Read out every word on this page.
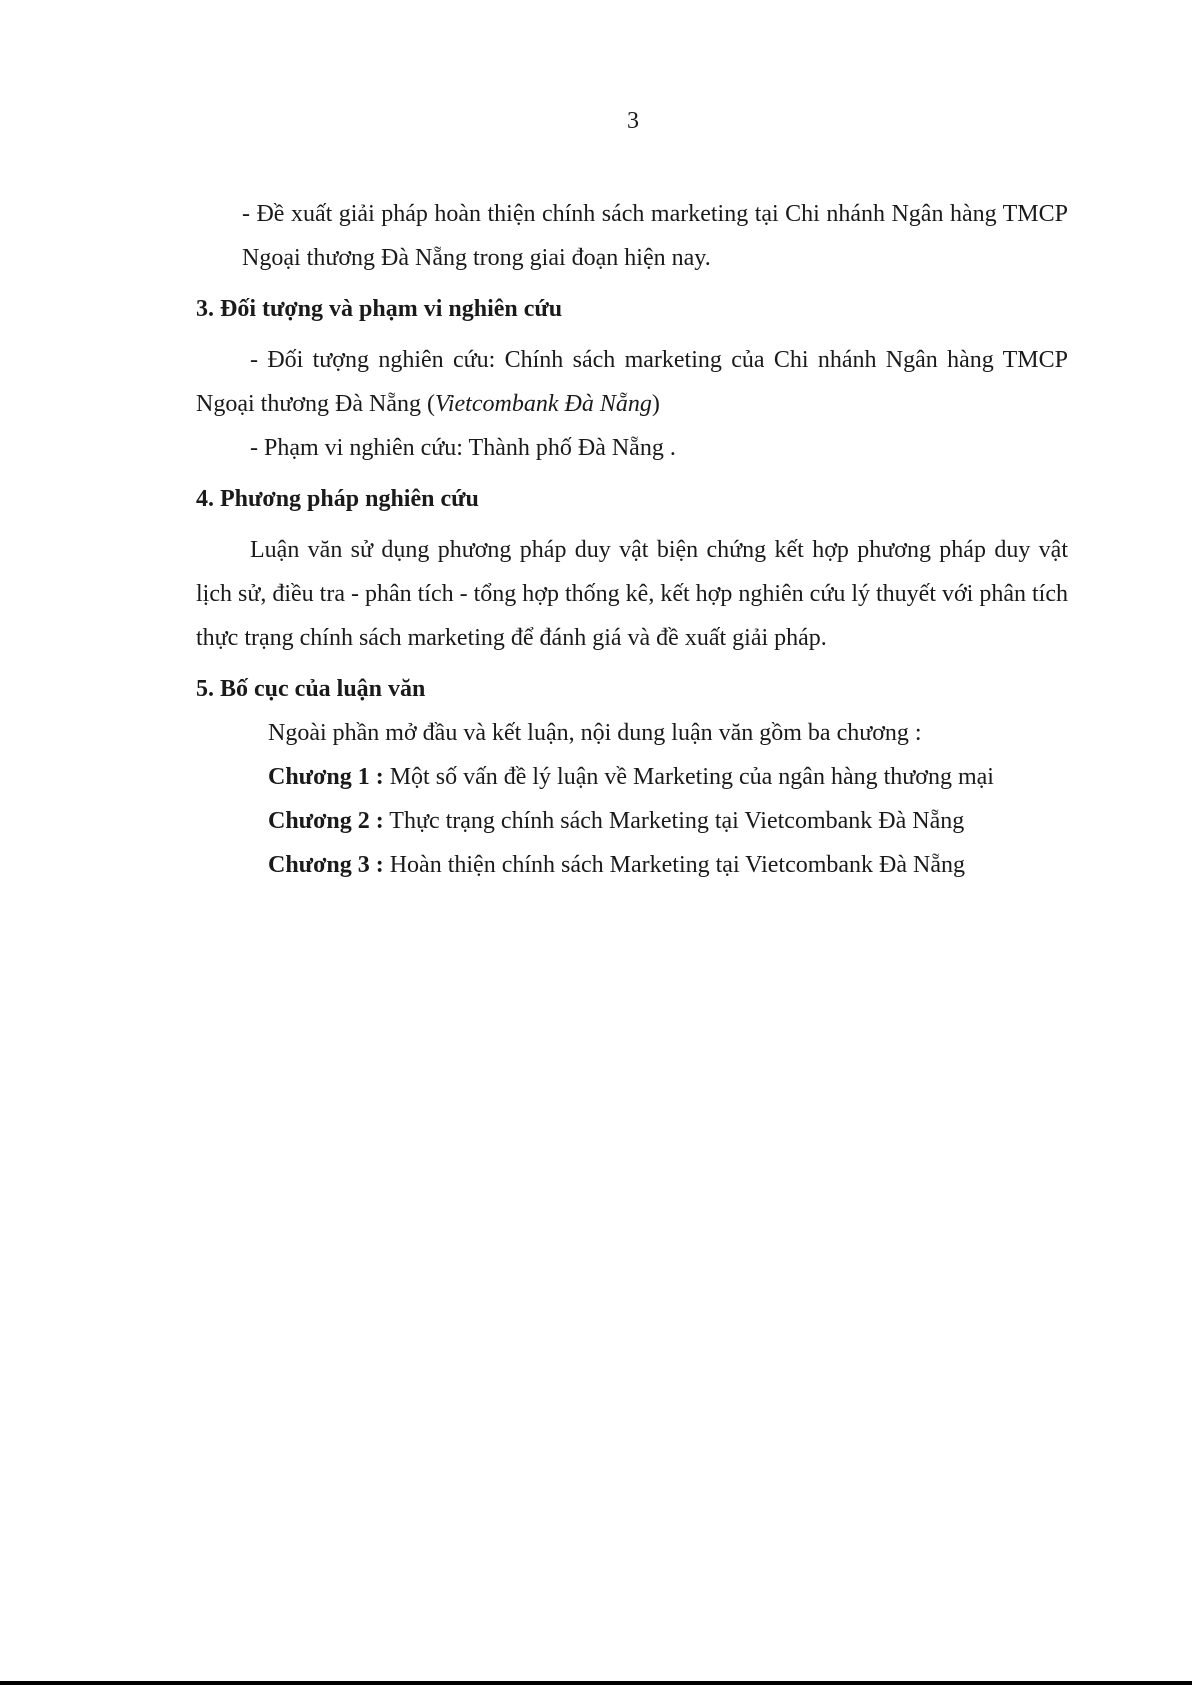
3

- Đề xuất giải pháp hoàn thiện chính sách marketing tại Chi nhánh Ngân hàng TMCP Ngoại thương Đà Nẵng trong giai đoạn hiện nay.

3. Đối tượng và phạm vi nghiên cứu

- Đối tượng nghiên cứu: Chính sách marketing của Chi nhánh Ngân hàng TMCP Ngoại thương Đà Nẵng (Vietcombank Đà Nẵng)

- Phạm vi nghiên cứu: Thành phố Đà Nẵng .

4. Phương pháp nghiên cứu

Luận văn sử dụng phương pháp duy vật biện chứng kết hợp phương pháp duy vật lịch sử, điều tra - phân tích - tổng hợp thống kê, kết hợp nghiên cứu lý thuyết với phân tích thực trạng chính sách marketing để đánh giá và đề xuất giải pháp.

5. Bố cục của luận văn

Ngoài phần mở đầu và kết luận, nội dung luận văn gồm ba chương :

Chương 1 : Một số vấn đề lý luận về Marketing của ngân hàng thương mại

Chương 2 : Thực trạng chính sách Marketing tại Vietcombank Đà Nẵng

Chương 3 : Hoàn thiện chính sách Marketing tại Vietcombank Đà Nẵng
